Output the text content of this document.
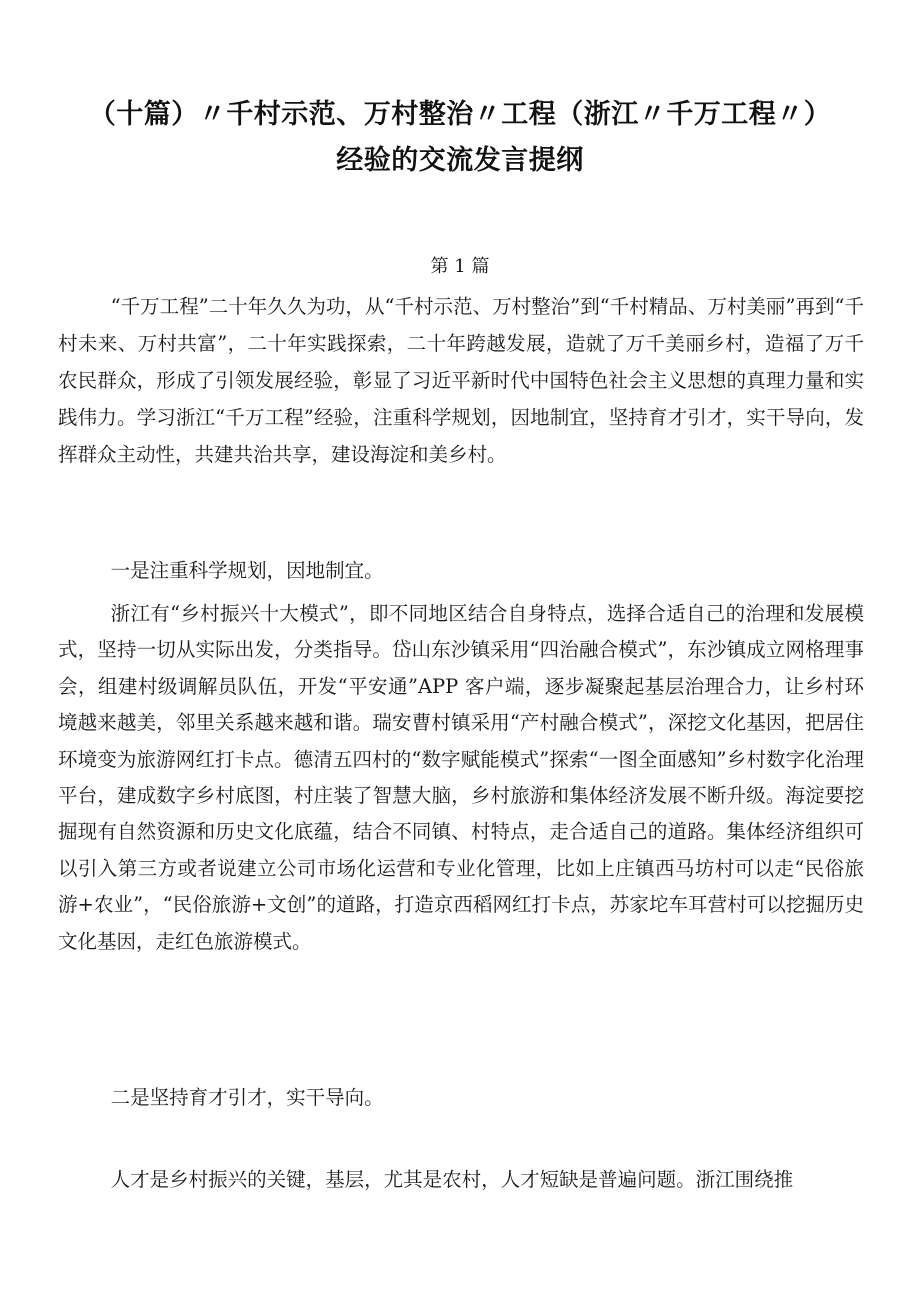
（十篇）〃千村示范、万村整治〃工程（浙江〃千万工程〃）
经验的交流发言提纲
第 1 篇

“千万工程”二十年久久为功，从“千村示范、万村整治”到“千村精品、万村美丽”再到“千村未来、万村共富”，二十年实践探索，二十年跨越发展，造就了万千美丽乡村，造福了万千农民群众，形成了引领发展经验，彰显了习近平新时代中国特色社会主义思想的真理力量和实践伟力。学习浙江“千万工程”经验，注重科学规划，因地制宜，坚持育才引才，实干导向，发挥群众主动性，共建共治共享，建设海淀和美乡村。

一是注重科学规划，因地制宜。

浙江有“乡村振兴十大模式”，即不同地区结合自身特点，选择合适自己的治理和发展模式，坚持一切从实际出发，分类指导。岱山东沙镇采用“四治融合模式”，东沙镇成立网格理事会，组建村级调解员队伍，开发“平安通”APP 客户端，逐步凝聚起基层治理合力，让乡村环境越来越美，邻里关系越来越和谐。瑞安曹村镇采用“产村融合模式”，深挖文化基因，把居住环境变为旅游网红打卡点。德清五四村的“数字赋能模式”探索“一图全面感知”乡村数字化治理平台，建成数字乡村底图，村庄装了智慧大脑，乡村旅游和集体经济发展不断升级。海淀要挖掘现有自然资源和历史文化底蕴，结合不同镇、村特点，走合适自己的道路。集体经济组织可以引入第三方或者说建立公司市场化运营和专业化管理，比如上庄镇西马坊村可以走“民俗旅游+农业”，“民俗旅游+文创”的道路，打造京西稻网红打卡点，苏家坨车耳营村可以挖掘历史文化基因，走红色旅游模式。

二是坚持育才引才，实干导向。

人才是乡村振兴的关键，基层，尤其是农村，人才短缺是普遍问题。浙江围绕推
